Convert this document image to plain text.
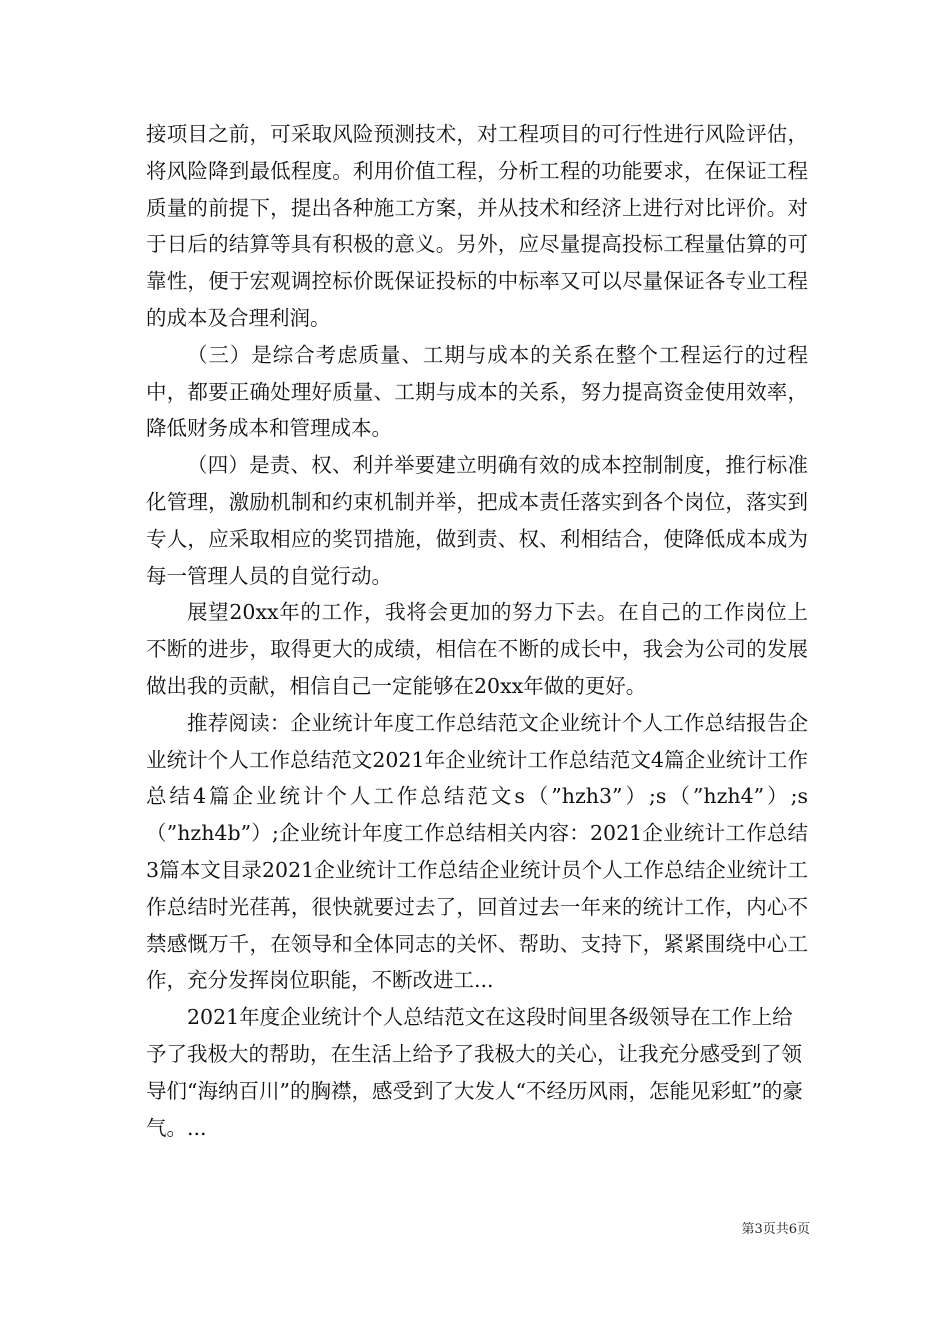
接项目之前，可采取风险预测技术，对工程项目的可行性进行风险评估，将风险降到最低程度。利用价值工程，分析工程的功能要求，在保证工程质量的前提下，提出各种施工方案，并从技术和经济上进行对比评价。对于日后的结算等具有积极的意义。另外，应尽量提高投标工程量估算的可靠性，便于宏观调控标价既保证投标的中标率又可以尽量保证各专业工程的成本及合理利润。

（三）是综合考虑质量、工期与成本的关系在整个工程运行的过程中，都要正确处理好质量、工期与成本的关系，努力提高资金使用效率，降低财务成本和管理成本。

（四）是责、权、利并举要建立明确有效的成本控制制度，推行标准化管理，激励机制和约束机制并举，把成本责任落实到各个岗位，落实到专人，应采取相应的奖罚措施，做到责、权、利相结合，使降低成本成为每一管理人员的自觉行动。

展望20xx年的工作，我将会更加的努力下去。在自己的工作岗位上不断的进步，取得更大的成绩，相信在不断的成长中，我会为公司的发展做出我的贡献，相信自己一定能够在20xx年做的更好。

推荐阅读：企业统计年度工作总结范文企业统计个人工作总结报告企业统计个人工作总结范文2021年企业统计工作总结范文4篇企业统计工作总结4篇企业统计个人工作总结范文s（”hzh3”）;s（”hzh4”）;s（”hzh4b”）;企业统计年度工作总结相关内容：2021企业统计工作总结3篇本文目录2021企业统计工作总结企业统计员个人工作总结企业统计工作总结时光荏苒，很快就要过去了，回首过去一年来的统计工作，内心不禁感慨万千，在领导和全体同志的关怀、帮助、支持下，紧紧围绕中心工作，充分发挥岗位职能，不断改进工...

2021年度企业统计个人总结范文在这段时间里各级领导在工作上给予了我极大的帮助，在生活上给予了我极大的关心，让我充分感受到了领导们“海纳百川”的胸襟，感受到了大发人“不经历风雨，怎能见彩虹”的豪气。...

第3页共6页
